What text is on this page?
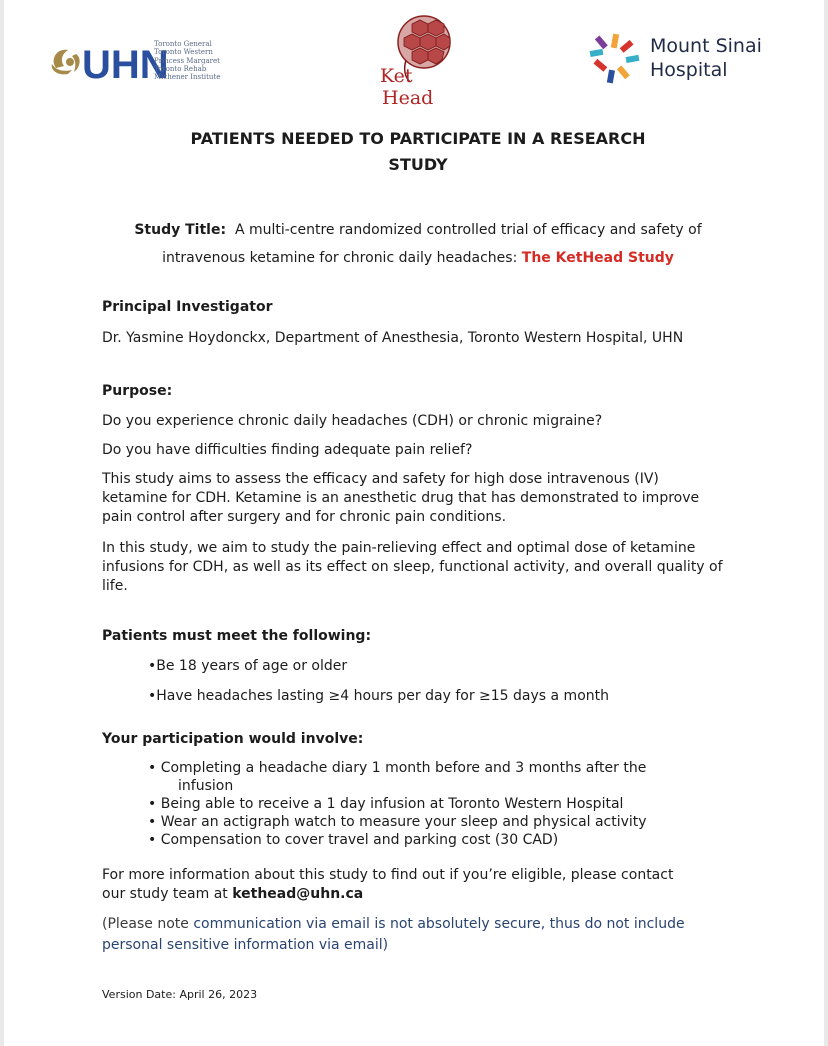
UHN
Toronto General
Toronto Western
Princess Margaret
Toronto Rehab
Michener Institute	Ket
Head
Mount Sinai
Hospital
PATIENTS NEEDED TO PARTICIPATE IN A RESEARCH
STUDY
Study Title: A multi-centre randomized controlled trial of efficacy and safety of
intravenous ketamine for chronic daily headaches: The KetHead Study
Principal Investigator
Dr. Yasmine Hoydonckx, Department of Anesthesia, Toronto Western Hospital, UHN
Purpose:
Do you experience chronic daily headaches (CDH) or chronic migraine?
Do you have difficulties finding adequate pain relief?
This study aims to assess the efficacy and safety for high dose intravenous (IV) ketamine for CDH. Ketamine is an anesthetic drug that has demonstrated to improve pain control after surgery and for chronic pain conditions.
In this study, we aim to study the pain-relieving effect and optimal dose of ketamine infusions for CDH, as well as its effect on sleep, functional activity, and overall quality of life.
Patients must meet the following:
•Be 18 years of age or older
•Have headaches lasting ≥4 hours per day for ≥15 days a month
Your participation would involve:
• Completing a headache diary 1 month before and 3 months after the
infusion
• Being able to receive a 1 day infusion at Toronto Western Hospital
• Wear an actigraph watch to measure your sleep and physical activity
• Compensation to cover travel and parking cost (30 CAD)
For more information about this study to find out if you’re eligible, please contact
our study team at kethead@uhn.ca
(Please note communication via email is not absolutely secure, thus do not include
personal sensitive information via email)
Version Date: April 26, 2023
